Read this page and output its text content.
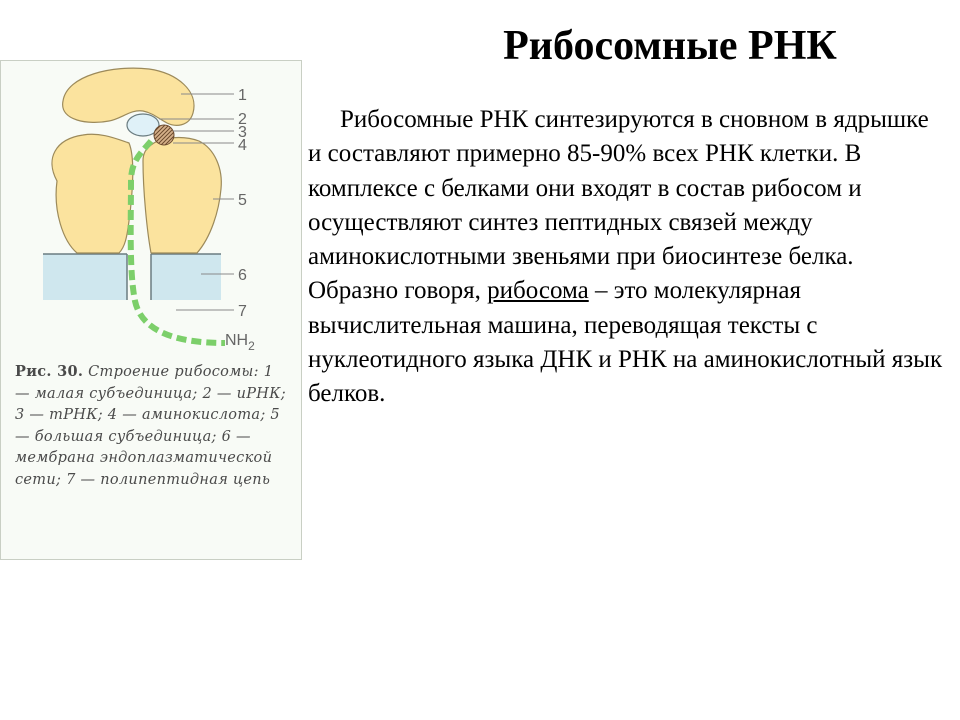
Рибосомные РНК
1
2
3
4
5
6
7
$NH_2$
Рис. 30. Строение рибосомы: 1 — малая субъединица; 2 — иРНК; 3 — тРНК; 4 — аминокислота; 5 — большая субъединица; 6 — мембрана эндоплазматической сети; 7 — полипептидная цепь

Рибосомные РНК синтезируются в сновном в ядрышке и составляют примерно 85-90% всех РНК клетки. В комплексе с белками они входят в состав рибосом и осуществляют синтез пептидных связей между аминокислотными звеньями при биосинтезе белка. Образно говоря, рибосома – это молекулярная вычислительная машина, переводящая тексты с нуклеотидного языка ДНК и РНК на аминокислотный язык белков.
